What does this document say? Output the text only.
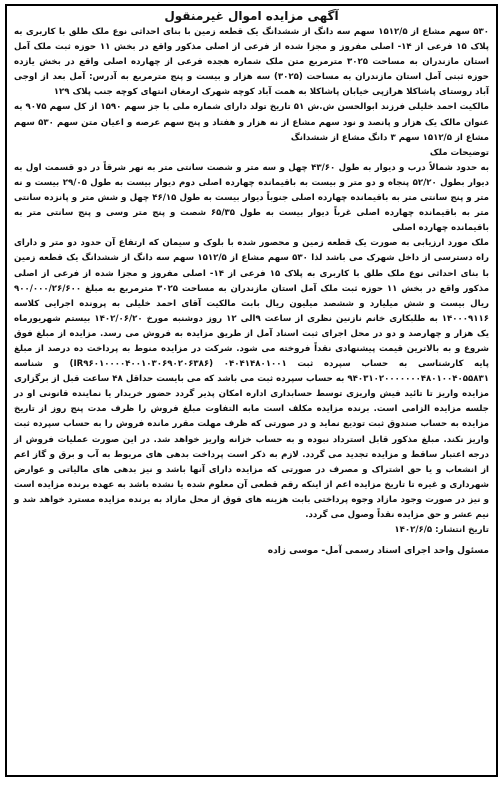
آگهی مزایده اموال غیرمنقول

۵۳۰ سهم مشاع از ۱۵۱۲/۵ سهم سه دانگ از ششدانگ یک قطعه زمین با بنای احداثی نوع ملک طلق با کاربری به پلاک ۱۵ فرعی از ۱۴- اصلی مفروز و مجزا شده از فرعی از اصلی مذکور واقع در بخش ۱۱ حوزه ثبت ملک آمل استان مازندران به مساحت ۳۰۲۵ مترمربع متن ملک شماره هجده فرعی از چهارده اصلی واقع در بخش یازده حوزه ثبتی آمل استان مازندران به مساحت (۳۰۲۵) سه هزار و بیست و پنج مترمربع به آدرس: آمل بعد از اوجی آباد روستای پاشاکلا هرازپی خیابان پاشاکلا به همت آباد کوچه شهرک ارمغان انتهای کوچه جنب پلاک ۱۲۹

مالکیت احمد خلیلی فرزند ابوالحسن ش.ش ۵۱ تاریخ تولد دارای شماره ملی با جز سهم ۱۵۹۰ از کل سهم ۹۰۷۵ به عنوان مالک یک هزار و پانصد و نود سهم مشاع از نه هزار و هفتاد و پنج سهم عرصه و اعیان متن سهم ۵۳۰ سهم مشاع از ۱۵۱۲/۵ سهم ۳ دانگ مشاع از ششدانگ

توضیحات ملک

به حدود شمالاً درب و دیوار به طول ۴۳/۶۰ چهل و سه متر و شصت سانتی متر به نهر شرقاً در دو قسمت اول به دیوار بطول ۵۲/۲۰ پنجاه و دو متر و بیست به باقیمانده چهارده اصلی دوم دیوار بیست به طول ۲۹/۰۵ بیست و نه متر و پنج سانتی متر به باقیمانده چهارده اصلی جنوباً دیوار بیست به طول ۴۶/۱۵ چهل و شش متر و پانزده سانتی متر به باقیمانده چهارده اصلی غرباً دیوار بیست به طول ۶۵/۳۵ شصت و پنج متر وسی و پنج سانتی متر به باقیمانده چهارده اصلی

ملک مورد ارزیابی به صورت یک قطعه زمین و محصور شده با بلوک و سیمان که ارتفاع آن حدود دو متر و دارای راه دسترسی از داخل شهرک می باشد لذا ۵۳۰ سهم مشاع از ۱۵۱۲/۵ سهم سه دانگ از ششدانگ یک قطعه زمین با بنای احداثی نوع ملک طلق با کاربری به پلاک ۱۵ فرعی از ۱۴- اصلی مفروز و مجزا شده از فرعی از اصلی مذکور واقع در بخش ۱۱ حوزه ثبت ملک آمل استان مازندران به مساحت ۳۰۲۵ مترمربع به مبلغ ۹۰۰/۰۰۰/۲۶/۶۰۰ ریال بیست و شش میلیارد و ششصد میلیون ریال بابت مالکیت آقای احمد خلیلی به پرونده اجرایی کلاسه ۱۴۰۰۰۹۱۱۶ به طلبکاری خانم نازنین نظری از ساعت ۹الی ۱۲ روز دوشنبه مورخ ۱۴۰۲/۰۶/۲۰ بیستم شهریورماه یک هزار و چهارصد و دو در محل اجرای ثبت اسناد آمل از طریق مزایده به فروش می رسد. مزایده از مبلغ فوق شروع و به بالاترین قیمت پیشنهادی نقداً فروخته می شود. شرکت در مزایده منوط به پرداخت ده درصد از مبلغ پایه کارشناسی به حساب سپرده ثبت ۰۴۰۴۱۴۸۰۱۰۰۱ (IR۹۶۰۱۰۰۰۰۴۰۰۱۰۳۰۶۹۰۲۰۶۳۸۶) و شناسه ۹۴۰۳۱۰۲۰۰۰۰۰۰۰۴۸۰۱۰۰۴۰۵۵۸۳۱ به حساب سپرده ثبت می باشد که می بایست حداقل ۴۸ ساعت قبل از برگزاری مزایده واریز تا تائید فیش واریزی توسط حسابداری اداره امکان پذیر گردد حضور خریدار یا نماینده قانونی او در جلسه مزایده الزامی است. برنده مزایده مکلف است مابه التفاوت مبلغ فروش را ظرف مدت پنج روز از تاریخ مزایده به حساب صندوق ثبت تودیع نماید و در صورتی که ظرف مهلت مقرر مانده فروش را به حساب سپرده ثبت واریز نکند. مبلغ مذکور قابل استرداد نبوده و به حساب خزانه واریز خواهد شد. در این صورت عملیات فروش از درجه اعتبار ساقط و مزایده تجدید می گردد. لازم به ذکر است پرداخت بدهی های مربوط به آب و برق و گاز اعم از انشعاب و یا حق اشتراک و مصرف در صورتی که مزایده دارای آنها باشد و نیز بدهی های مالیاتی و عوارض شهرداری و غیره تا تاریخ مزایده اعم از اینکه رقم قطعی آن معلوم شده یا نشده باشد به عهده برنده مزایده است و نیز در صورت وجود مازاد وجوه پرداختی بابت هزینه های فوق از محل مازاد به برنده مزایده مسترد خواهد شد و نیم عشر و حق مزایده نقداً وصول می گردد.

تاریخ انتشار: ۱۴۰۲/۶/۵

مسئول واحد اجرای اسناد رسمی آمل- موسی زاده
